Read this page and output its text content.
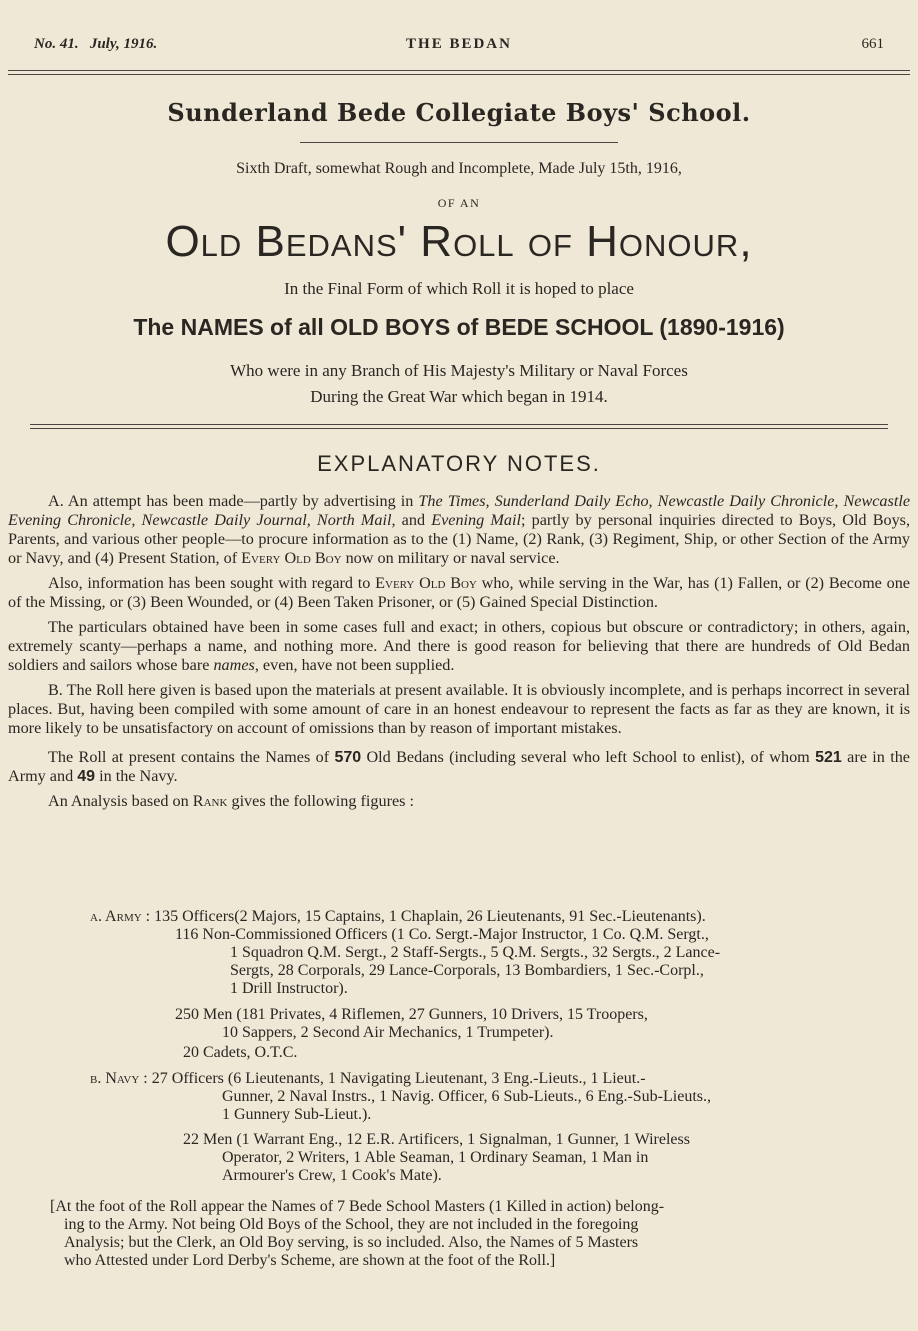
No. 41. July, 1916.	THE BEDAN	661
Sunderland Bede Collegiate Boys' School.
Sixth Draft, somewhat Rough and Incomplete, Made July 15th, 1916,
OF AN
Old Bedans' Roll of Honour,
In the Final Form of which Roll it is hoped to place
The NAMES of all OLD BOYS of BEDE SCHOOL (1890-1916)
Who were in any Branch of His Majesty's Military or Naval Forces
During the Great War which began in 1914.
EXPLANATORY NOTES.

A. An attempt has been made—partly by advertising in The Times, Sunderland Daily Echo, Newcastle Daily Chronicle, Newcastle Evening Chronicle, Newcastle Daily Journal, North Mail, and Evening Mail; partly by personal inquiries directed to Boys, Old Boys, Parents, and various other people—to procure information as to the (1) Name, (2) Rank, (3) Regiment, Ship, or other Section of the Army or Navy, and (4) Present Station, of Every Old Boy now on military or naval service.

Also, information has been sought with regard to Every Old Boy who, while serving in the War, has (1) Fallen, or (2) Become one of the Missing, or (3) Been Wounded, or (4) Been Taken Prisoner, or (5) Gained Special Distinction.

The particulars obtained have been in some cases full and exact; in others, copious but obscure or contradictory; in others, again, extremely scanty—perhaps a name, and nothing more. And there is good reason for believing that there are hundreds of Old Bedan soldiers and sailors whose bare names, even, have not been supplied.

B. The Roll here given is based upon the materials at present available. It is obviously incomplete, and is perhaps incorrect in several places. But, having been compiled with some amount of care in an honest endeavour to represent the facts as far as they are known, it is more likely to be unsatisfactory on account of omissions than by reason of important mistakes.

The Roll at present contains the Names of 570 Old Bedans (including several who left School to enlist), of whom 521 are in the Army and 49 in the Navy.

An Analysis based on Rank gives the following figures :

a. Army : 135 Officers(2 Majors, 15 Captains, 1 Chaplain, 26 Lieutenants, 91 Sec.-Lieutenants).
116 Non-Commissioned Officers (1 Co. Sergt.-Major Instructor, 1 Co. Q.M. Sergt.,
1 Squadron Q.M. Sergt., 2 Staff-Sergts., 5 Q.M. Sergts., 32 Sergts., 2 Lance-
Sergts, 28 Corporals, 29 Lance-Corporals, 13 Bombardiers, 1 Sec.-Corpl.,
1 Drill Instructor).
250 Men (181 Privates, 4 Riflemen, 27 Gunners, 10 Drivers, 15 Troopers,
10 Sappers, 2 Second Air Mechanics, 1 Trumpeter).
20 Cadets, O.T.C.
b. Navy : 27 Officers (6 Lieutenants, 1 Navigating Lieutenant, 3 Eng.-Lieuts., 1 Lieut.-
Gunner, 2 Naval Instrs., 1 Navig. Officer, 6 Sub-Lieuts., 6 Eng.-Sub-Lieuts.,
1 Gunnery Sub-Lieut.).
22 Men (1 Warrant Eng., 12 E.R. Artificers, 1 Signalman, 1 Gunner, 1 Wireless
Operator, 2 Writers, 1 Able Seaman, 1 Ordinary Seaman, 1 Man in
Armourer's Crew, 1 Cook's Mate).
[At the foot of the Roll appear the Names of 7 Bede School Masters (1 Killed in action) belong-
ing to the Army. Not being Old Boys of the School, they are not included in the foregoing
Analysis; but the Clerk, an Old Boy serving, is so included. Also, the Names of 5 Masters
who Attested under Lord Derby's Scheme, are shown at the foot of the Roll.]
